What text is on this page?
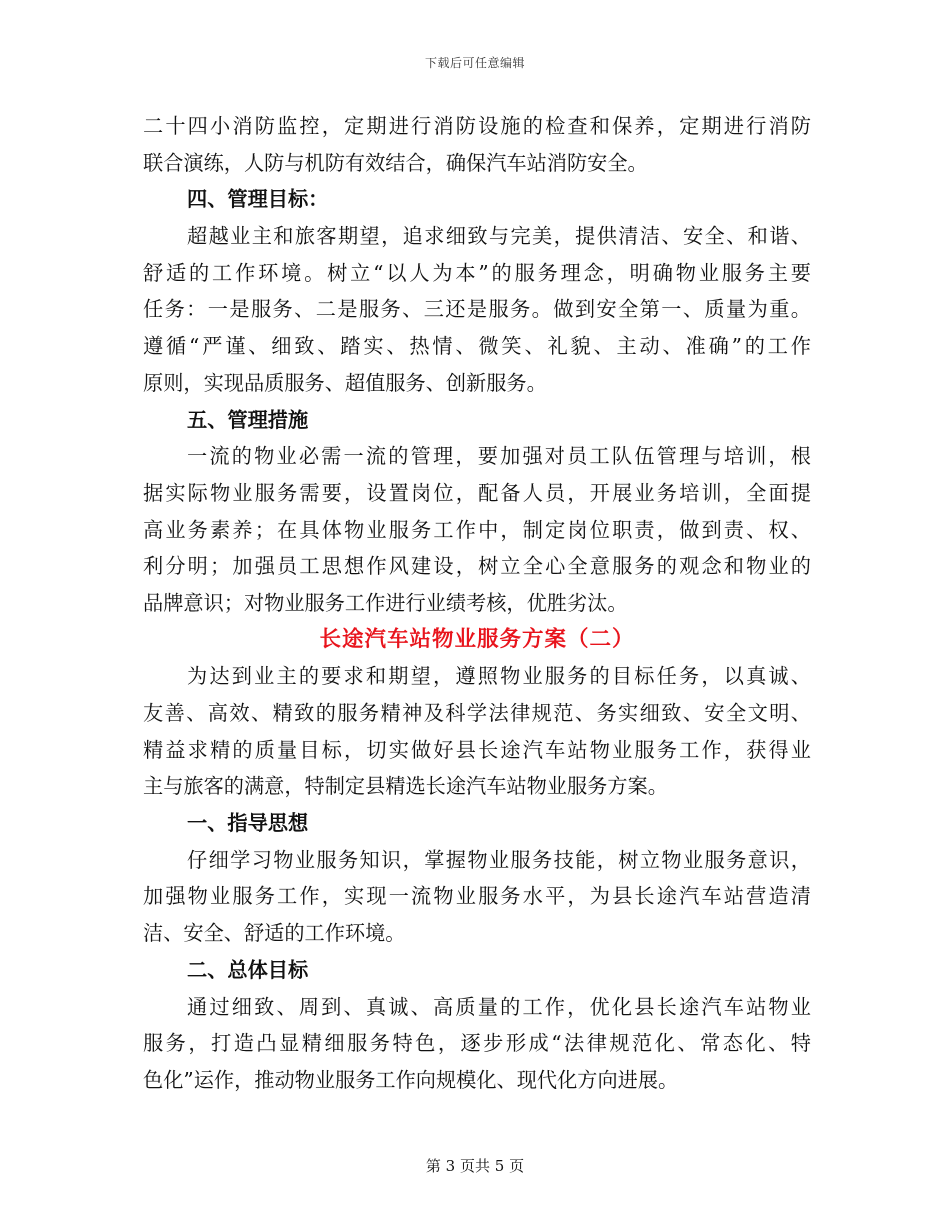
下载后可任意编辑
二十四小消防监控，定期进行消防设施的检查和保养，定期进行消防
联合演练，人防与机防有效结合，确保汽车站消防安全。
四、管理目标：
超越业主和旅客期望，追求细致与完美，提供清洁、安全、和谐、
舒适的工作环境。树立“以人为本”的服务理念，明确物业服务主要
任务：一是服务、二是服务、三还是服务。做到安全第一、质量为重。
遵循“严谨、细致、踏实、热情、微笑、礼貌、主动、准确”的工作
原则，实现品质服务、超值服务、创新服务。
五、管理措施
一流的物业必需一流的管理，要加强对员工队伍管理与培训，根
据实际物业服务需要，设置岗位，配备人员，开展业务培训，全面提
高业务素养；在具体物业服务工作中，制定岗位职责，做到责、权、
利分明；加强员工思想作风建设，树立全心全意服务的观念和物业的
品牌意识；对物业服务工作进行业绩考核，优胜劣汰。
长途汽车站物业服务方案（二）
为达到业主的要求和期望，遵照物业服务的目标任务，以真诚、
友善、高效、精致的服务精神及科学法律规范、务实细致、安全文明、
精益求精的质量目标，切实做好县长途汽车站物业服务工作，获得业
主与旅客的满意，特制定县精选长途汽车站物业服务方案。
一、指导思想
仔细学习物业服务知识，掌握物业服务技能，树立物业服务意识，
加强物业服务工作，实现一流物业服务水平，为县长途汽车站营造清
洁、安全、舒适的工作环境。
二、总体目标
通过细致、周到、真诚、高质量的工作，优化县长途汽车站物业
服务，打造凸显精细服务特色，逐步形成“法律规范化、常态化、特
色化”运作，推动物业服务工作向规模化、现代化方向进展。
第 3 页共 5 页
